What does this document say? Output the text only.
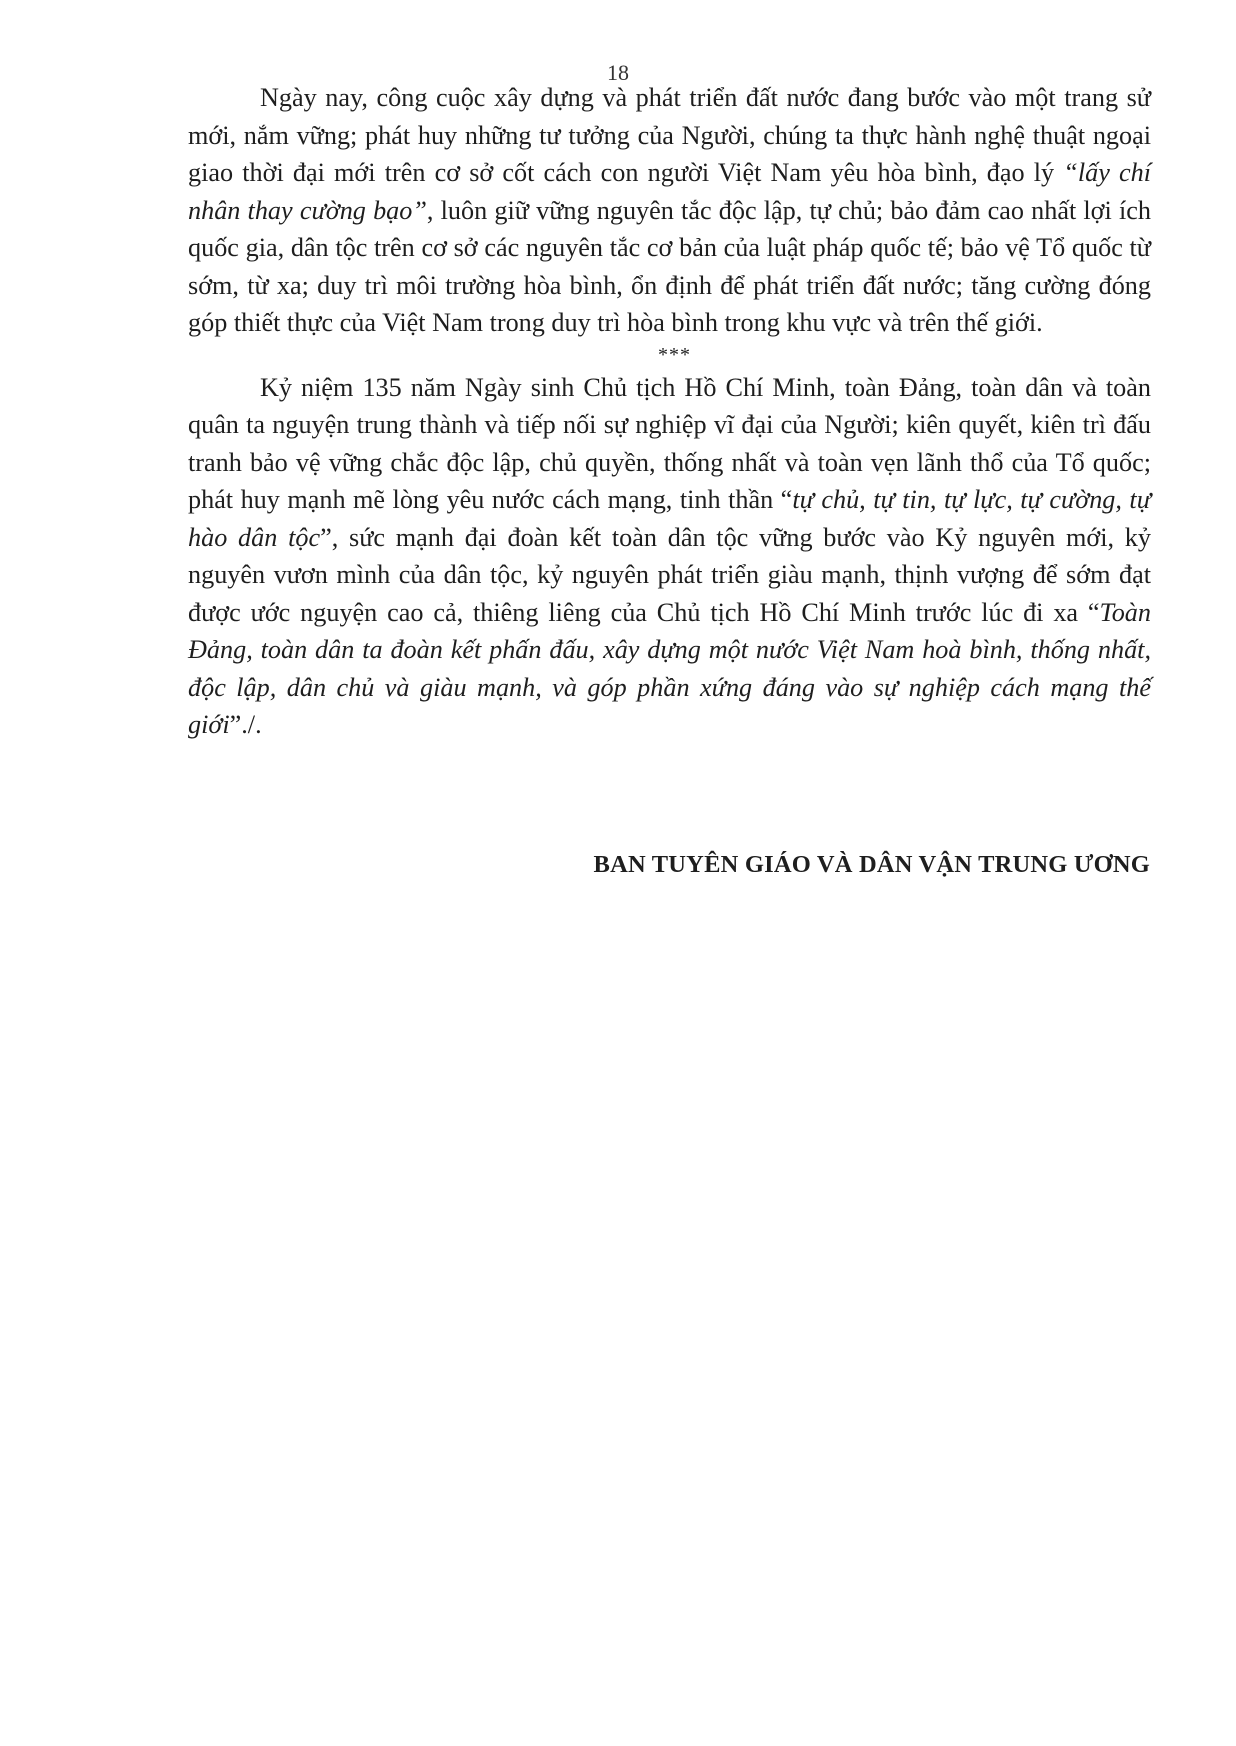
18

Ngày nay, công cuộc xây dựng và phát triển đất nước đang bước vào một trang sử mới, nắm vững; phát huy những tư tưởng của Người, chúng ta thực hành nghệ thuật ngoại giao thời đại mới trên cơ sở cốt cách con người Việt Nam yêu hòa bình, đạo lý “lấy chí nhân thay cường bạo”, luôn giữ vững nguyên tắc độc lập, tự chủ; bảo đảm cao nhất lợi ích quốc gia, dân tộc trên cơ sở các nguyên tắc cơ bản của luật pháp quốc tế; bảo vệ Tổ quốc từ sớm, từ xa; duy trì môi trường hòa bình, ổn định để phát triển đất nước; tăng cường đóng góp thiết thực của Việt Nam trong duy trì hòa bình trong khu vực và trên thế giới.

***

Kỷ niệm 135 năm Ngày sinh Chủ tịch Hồ Chí Minh, toàn Đảng, toàn dân và toàn quân ta nguyện trung thành và tiếp nối sự nghiệp vĩ đại của Người; kiên quyết, kiên trì đấu tranh bảo vệ vững chắc độc lập, chủ quyền, thống nhất và toàn vẹn lãnh thổ của Tổ quốc; phát huy mạnh mẽ lòng yêu nước cách mạng, tinh thần “tự chủ, tự tin, tự lực, tự cường, tự hào dân tộc”, sức mạnh đại đoàn kết toàn dân tộc vững bước vào Kỷ nguyên mới, kỷ nguyên vươn mình của dân tộc, kỷ nguyên phát triển giàu mạnh, thịnh vượng để sớm đạt được ước nguyện cao cả, thiêng liêng của Chủ tịch Hồ Chí Minh trước lúc đi xa “Toàn Đảng, toàn dân ta đoàn kết phấn đấu, xây dựng một nước Việt Nam hoà bình, thống nhất, độc lập, dân chủ và giàu mạnh, và góp phần xứng đáng vào sự nghiệp cách mạng thế giới”./.

BAN TUYÊN GIÁO VÀ DÂN VẬN TRUNG ƯƠNG
